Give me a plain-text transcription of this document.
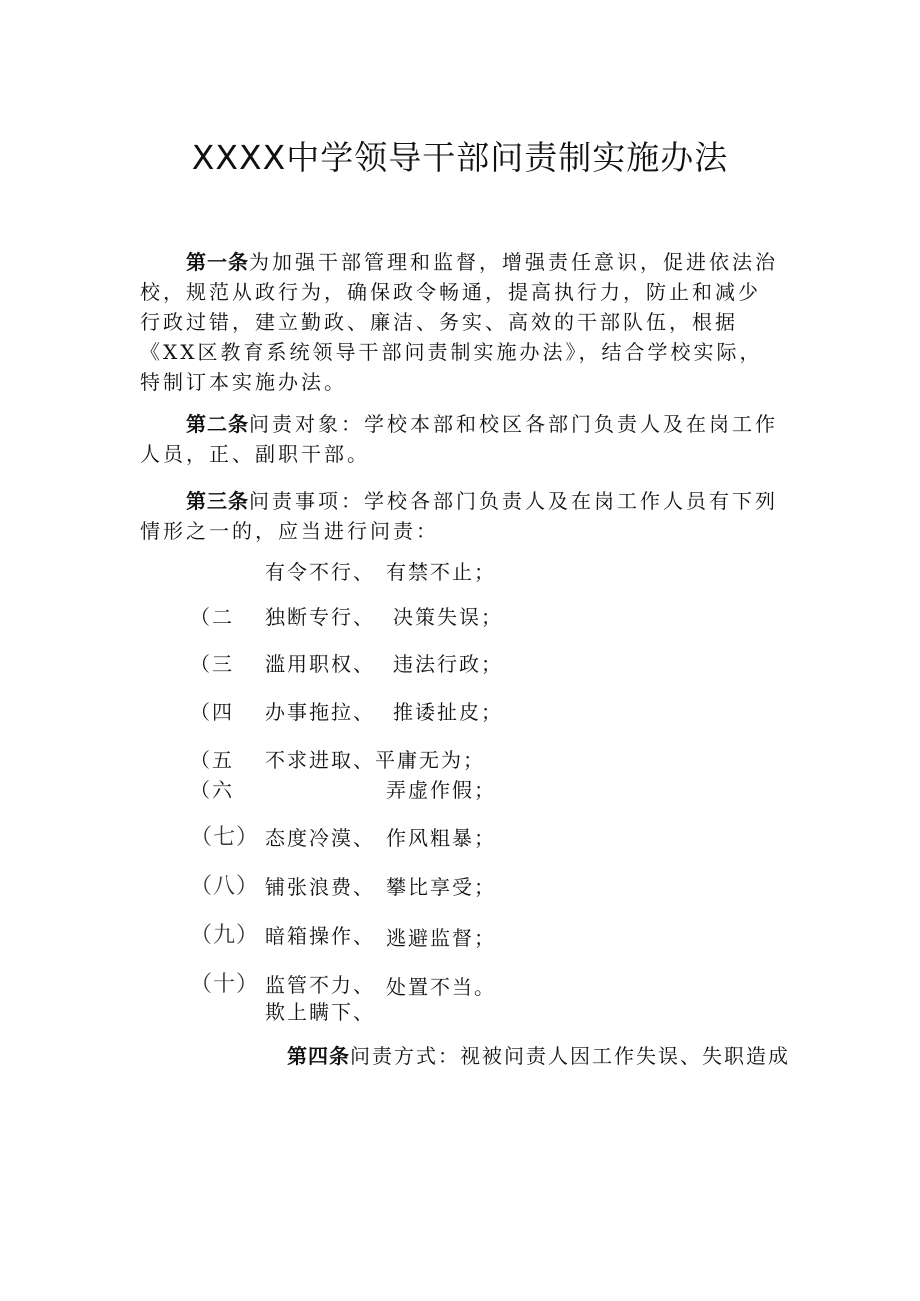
XXXX中学领导干部问责制实施办法

第一条为加强干部管理和监督，增强责任意识，促进依法治校，规范从政行为，确保政令畅通，提高执行力，防止和减少行政过错，建立勤政、廉洁、务实、高效的干部队伍，根据《XX区教育系统领导干部问责制实施办法》，结合学校实际，特制订本实施办法。

第二条问责对象：学校本部和校区各部门负责人及在岗工作人员，正、副职干部。

第三条问责事项：学校各部门负责人及在岗工作人员有下列情形之一的，应当进行问责：

有令不行、 有禁不止；
（二 独断专行、 决策失误；
（三 滥用职权、 违法行政；
（四 办事拖拉、 推诿扯皮；
（五 不求进取、平庸无为；
（六	弄虚作假；
（七） 态度冷漠、 作风粗暴；
（八） 铺张浪费、 攀比享受；
（九） 暗箱操作、 逃避监督；
（十） 监管不力、 处置不当。
欺上瞒下、
第四条问责方式：视被问责人因工作失误、失职造成
